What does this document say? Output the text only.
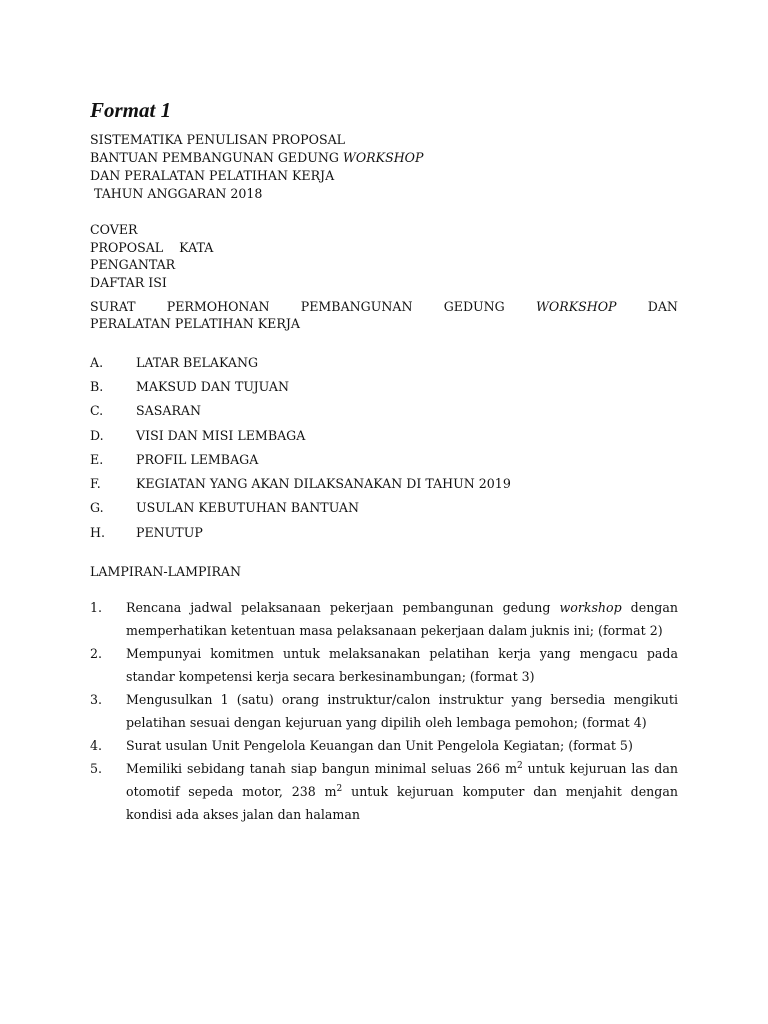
Format 1
SISTEMATIKA PENULISAN PROPOSAL
BANTUAN PEMBANGUNAN GEDUNG WORKSHOP
DAN PERALATAN PELATIHAN KERJA
TAHUN ANGGARAN 2018
COVER
PROPOSAL    KATA
PENGANTAR
DAFTAR ISI
SURAT PERMOHONAN PEMBANGUNAN GEDUNG WORKSHOP DAN
PERALATAN PELATIHAN KERJA
A.	LATAR BELAKANG
B.	MAKSUD DAN TUJUAN
C.	SASARAN
D.	VISI DAN MISI LEMBAGA
E.	PROFIL LEMBAGA
F.	KEGIATAN YANG AKAN DILAKSANAKAN DI TAHUN 2019
G.	USULAN KEBUTUHAN BANTUAN
H.	PENUTUP
LAMPIRAN-LAMPIRAN
1.	Rencana jadwal pelaksanaan pekerjaan pembangunan gedung workshop dengan memperhatikan ketentuan masa pelaksanaan pekerjaan dalam juknis ini; (format 2)
2.	Mempunyai komitmen untuk melaksanakan pelatihan kerja yang mengacu pada standar kompetensi kerja secara berkesinambungan; (format 3)
3.	Mengusulkan 1 (satu) orang instruktur/calon instruktur yang bersedia mengikuti pelatihan sesuai dengan kejuruan yang dipilih oleh lembaga pemohon; (format 4)
4.	Surat usulan Unit Pengelola Keuangan dan Unit Pengelola Kegiatan; (format 5)
5.	Memiliki sebidang tanah siap bangun minimal seluas 266 $m^2$ untuk kejuruan las dan otomotif sepeda motor, 238 $m^2$ untuk kejuruan komputer dan menjahit dengan kondisi ada akses jalan dan halaman
